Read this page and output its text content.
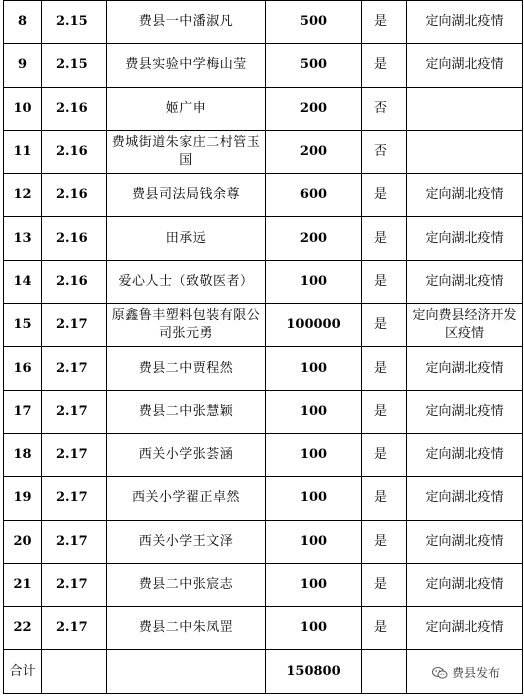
8	2.15	费县一中潘淑凡	500	是	定向湖北疫情
9	2.15	费县实验中学梅山莹	500	是	定向湖北疫情
10	2.16	姬广申	200	否	
11	2.16	费城街道朱家庄二村管玉国	200	否	
12	2.16	费县司法局钱余尊	600	是	定向湖北疫情
13	2.16	田承远	200	是	定向湖北疫情
14	2.16	爱心人士（致敬医者）	100	是	定向湖北疫情
15	2.17	原鑫鲁丰塑料包装有限公司张元勇	100000	是	定向费县经济开发区疫情
16	2.17	费县二中贾程然	100	是	定向湖北疫情
17	2.17	费县二中张慧颖	100	是	定向湖北疫情
18	2.17	西关小学张荟涵	100	是	定向湖北疫情
19	2.17	西关小学翟正卓然	100	是	定向湖北疫情
20	2.17	西关小学王文泽	100	是	定向湖北疫情
21	2.17	费县二中张宸志	100	是	定向湖北疫情
22	2.17	费县二中朱凤罡	100	是	定向湖北疫情
合计			150800			费县发布
